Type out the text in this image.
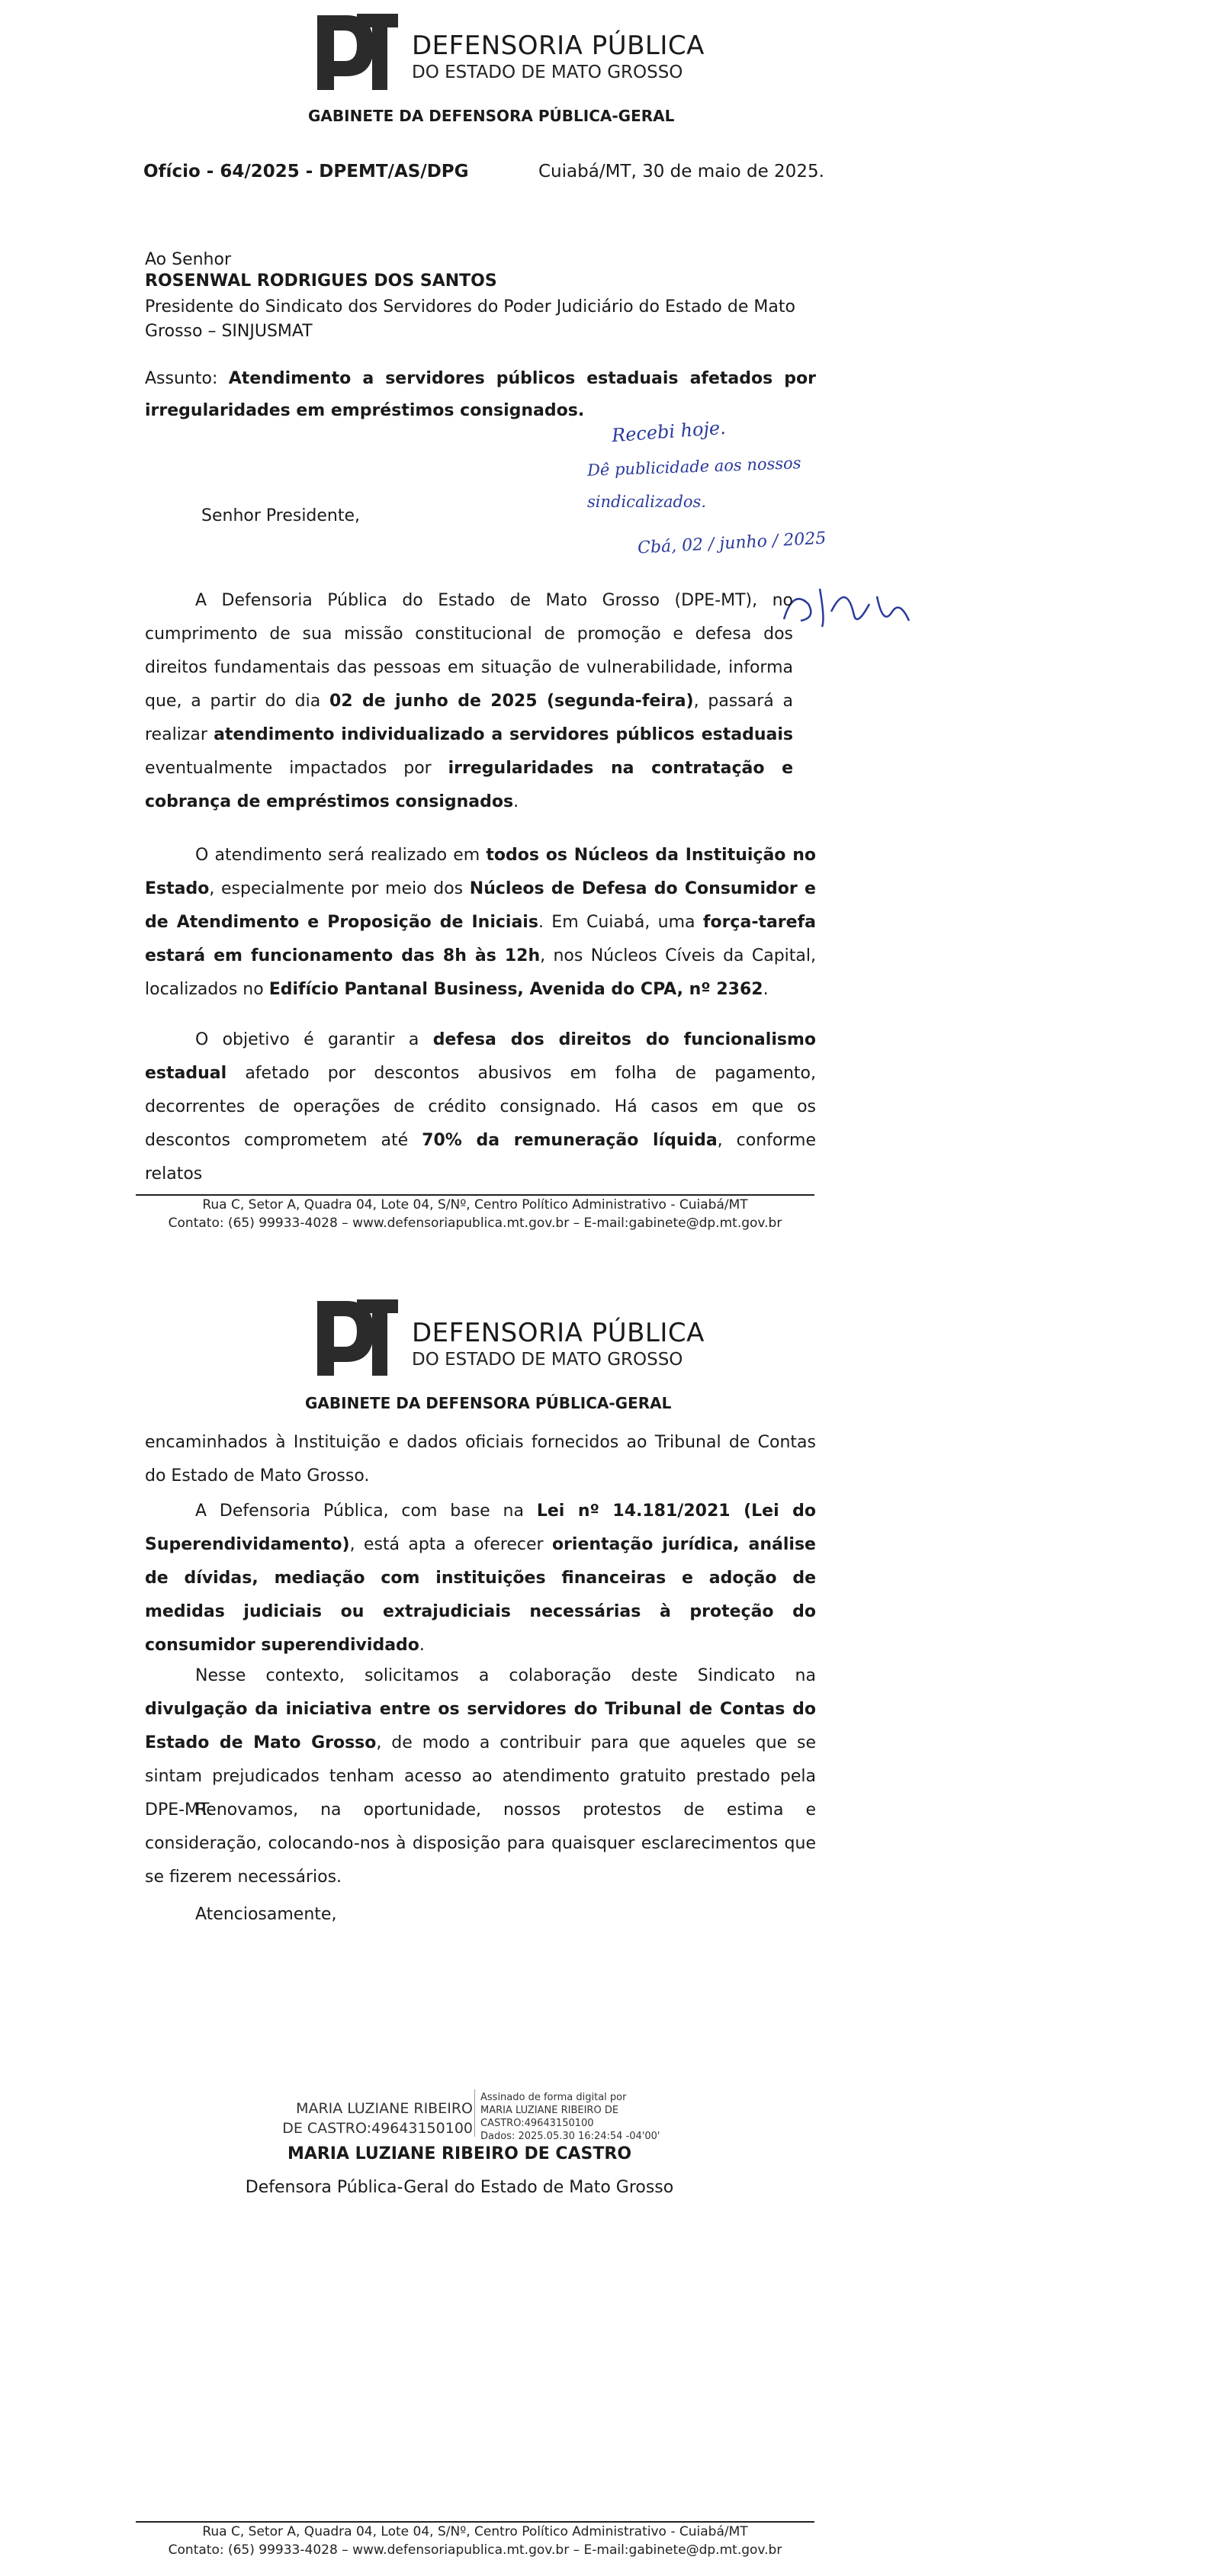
DEFENSORIA PÚBLICA
DO ESTADO DE MATO GROSSO
GABINETE DA DEFENSORA PÚBLICA-GERAL
Ofício - 64/2025 - DPEMT/AS/DPG	Cuiabá/MT, 30 de maio de 2025.
Ao Senhor
ROSENWAL RODRIGUES DOS SANTOS
Presidente do Sindicato dos Servidores do Poder Judiciário do Estado de Mato
Grosso – SINJUSMAT
Assunto: Atendimento a servidores públicos estaduais afetados por
irregularidades em empréstimos consignados.
Recebi hoje.
Dê publicidade aos nossos
sindicalizados.
Cbá, 02 / junho / 2025
Senhor Presidente,
A Defensoria Pública do Estado de Mato Grosso (DPE-MT), no cumprimento de sua missão constitucional de promoção e defesa dos direitos fundamentais das pessoas em situação de vulnerabilidade, informa que, a partir do dia 02 de junho de 2025 (segunda-feira), passará a realizar atendimento individualizado a servidores públicos estaduais eventualmente impactados por irregularidades na contratação e cobrança de empréstimos consignados.
O atendimento será realizado em todos os Núcleos da Instituição no Estado, especialmente por meio dos Núcleos de Defesa do Consumidor e de Atendimento e Proposição de Iniciais. Em Cuiabá, uma força-tarefa estará em funcionamento das 8h às 12h, nos Núcleos Cíveis da Capital, localizados no Edifício Pantanal Business, Avenida do CPA, nº 2362.
O objetivo é garantir a defesa dos direitos do funcionalismo estadual afetado por descontos abusivos em folha de pagamento, decorrentes de operações de crédito consignado. Há casos em que os descontos comprometem até 70% da remuneração líquida, conforme relatos
Rua C, Setor A, Quadra 04, Lote 04, S/Nº, Centro Político Administrativo - Cuiabá/MT
Contato: (65) 99933-4028 – www.defensoriapublica.mt.gov.br – E-mail:gabinete@dp.mt.gov.br
DEFENSORIA PÚBLICA
DO ESTADO DE MATO GROSSO
GABINETE DA DEFENSORA PÚBLICA-GERAL
encaminhados à Instituição e dados oficiais fornecidos ao Tribunal de Contas do Estado de Mato Grosso.
A Defensoria Pública, com base na Lei nº 14.181/2021 (Lei do Superendividamento), está apta a oferecer orientação jurídica, análise de dívidas, mediação com instituições financeiras e adoção de medidas judiciais ou extrajudiciais necessárias à proteção do consumidor superendividado.
Nesse contexto, solicitamos a colaboração deste Sindicato na divulgação da iniciativa entre os servidores do Tribunal de Contas do Estado de Mato Grosso, de modo a contribuir para que aqueles que se sintam prejudicados tenham acesso ao atendimento gratuito prestado pela DPE-MT.
Renovamos, na oportunidade, nossos protestos de estima e consideração, colocando-nos à disposição para quaisquer esclarecimentos que se fizerem necessários.
Atenciosamente,
MARIA LUZIANE RIBEIRO
DE CASTRO:49643150100
Assinado de forma digital por
MARIA LUZIANE RIBEIRO DE
CASTRO:49643150100
Dados: 2025.05.30 16:24:54 -04'00'
MARIA LUZIANE RIBEIRO DE CASTRO
Defensora Pública-Geral do Estado de Mato Grosso
Rua C, Setor A, Quadra 04, Lote 04, S/Nº, Centro Político Administrativo - Cuiabá/MT
Contato: (65) 99933-4028 – www.defensoriapublica.mt.gov.br – E-mail:gabinete@dp.mt.gov.br
